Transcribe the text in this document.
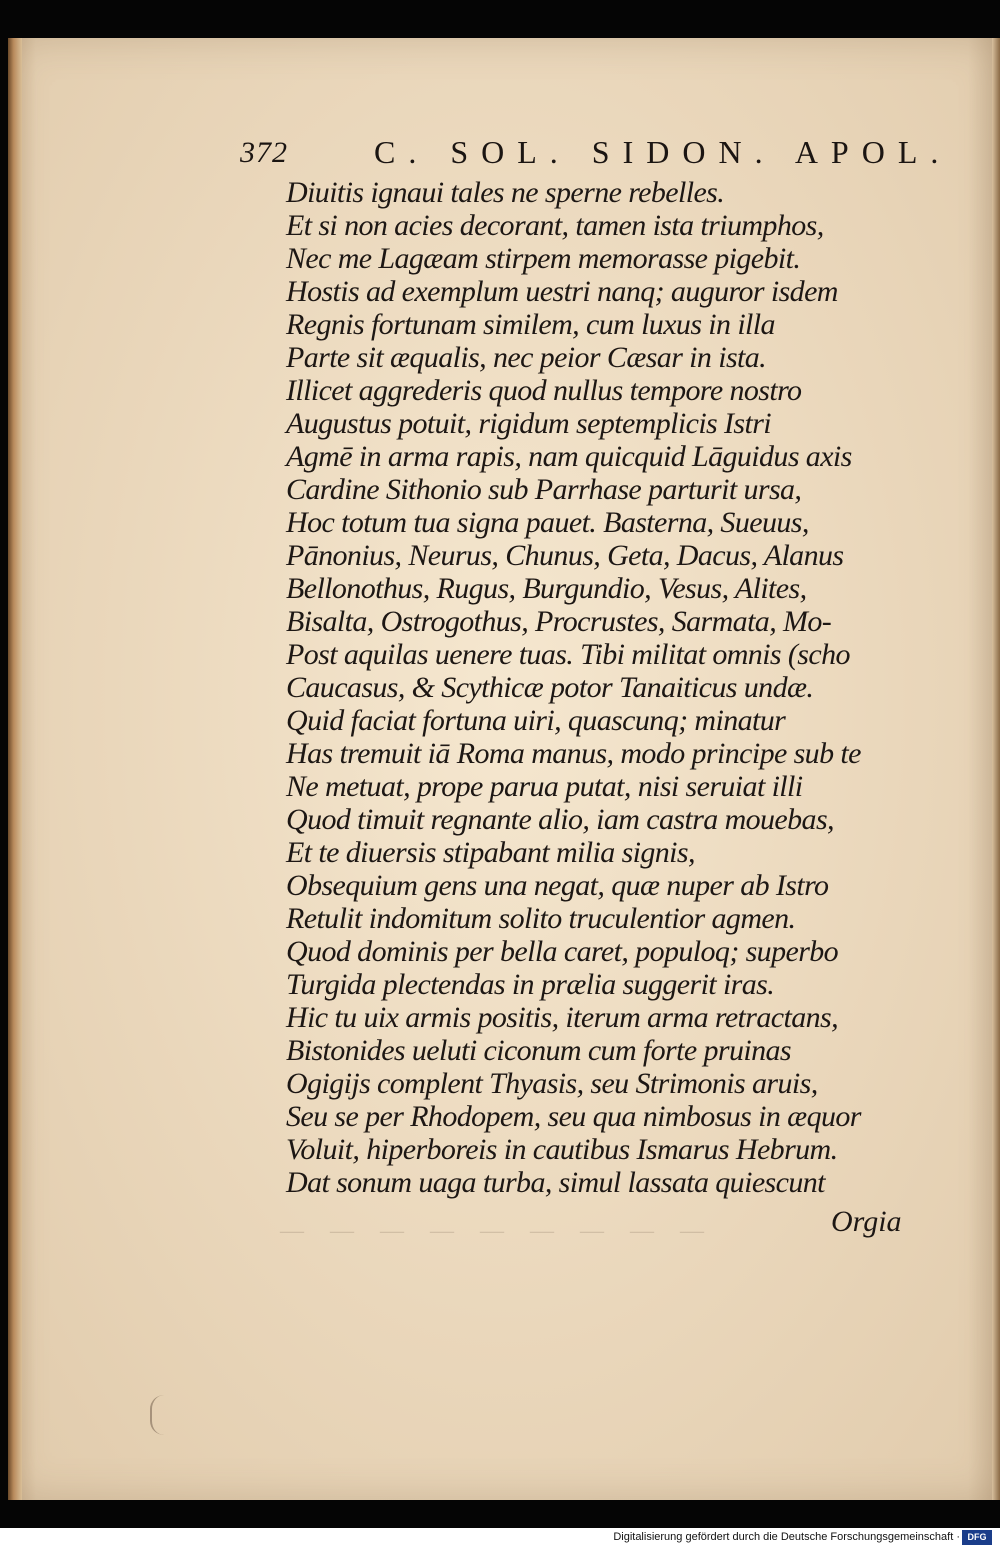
372	C. SOL. SIDON. APOL.
Diuitis ignaui tales ne sperne rebelles.
Et si non acies decorant, tamen ista triumphos,
Nec me Lagæam stirpem memorasse pigebit.
Hostis ad exemplum uestri nanq; auguror isdem
Regnis fortunam similem, cum luxus in illa
Parte sit æqualis, nec peior Cæsar in ista.
Illicet aggrederis quod nullus tempore nostro
Augustus potuit, rigidum septemplicis Istri
Agmē in arma rapis, nam quicquid Lāguidus axis
Cardine Sithonio sub Parrhase parturit ursa,
Hoc totum tua signa pauet. Basterna, Sueuus,
Pānonius, Neurus, Chunus, Geta, Dacus, Alanus
Bellonothus, Rugus, Burgundio, Vesus, Alites,
Bisalta, Ostrogothus, Procrustes, Sarmata, Mo-
Post aquilas uenere tuas. Tibi militat omnis (scho
Caucasus, & Scythicæ potor Tanaiticus undæ.
Quid faciat fortuna uiri, quascunq; minatur
Has tremuit iā Roma manus, modo principe sub te
Ne metuat, prope parua putat, nisi seruiat illi
Quod timuit regnante alio, iam castra mouebas,
Et te diuersis stipabant milia signis,
Obsequium gens una negat, quæ nuper ab Istro
Retulit indomitum solito truculentior agmen.
Quod dominis per bella caret, populoq; superbo
Turgida plectendas in prælia suggerit iras.
Hic tu uix armis positis, iterum arma retractans,
Bistonides ueluti ciconum cum forte pruinas
Ogigijs complent Thyasis, seu Strimonis aruis,
Seu se per Rhodopem, seu qua nimbosus in æquor
Voluit, hiperboreis in cautibus Ismarus Hebrum.
Dat sonum uaga turba, simul lassata quiescunt
— — — — — — — — —	Orgia
Digitalisierung gefördert durch die Deutsche Forschungsgemeinschaft · DFG
